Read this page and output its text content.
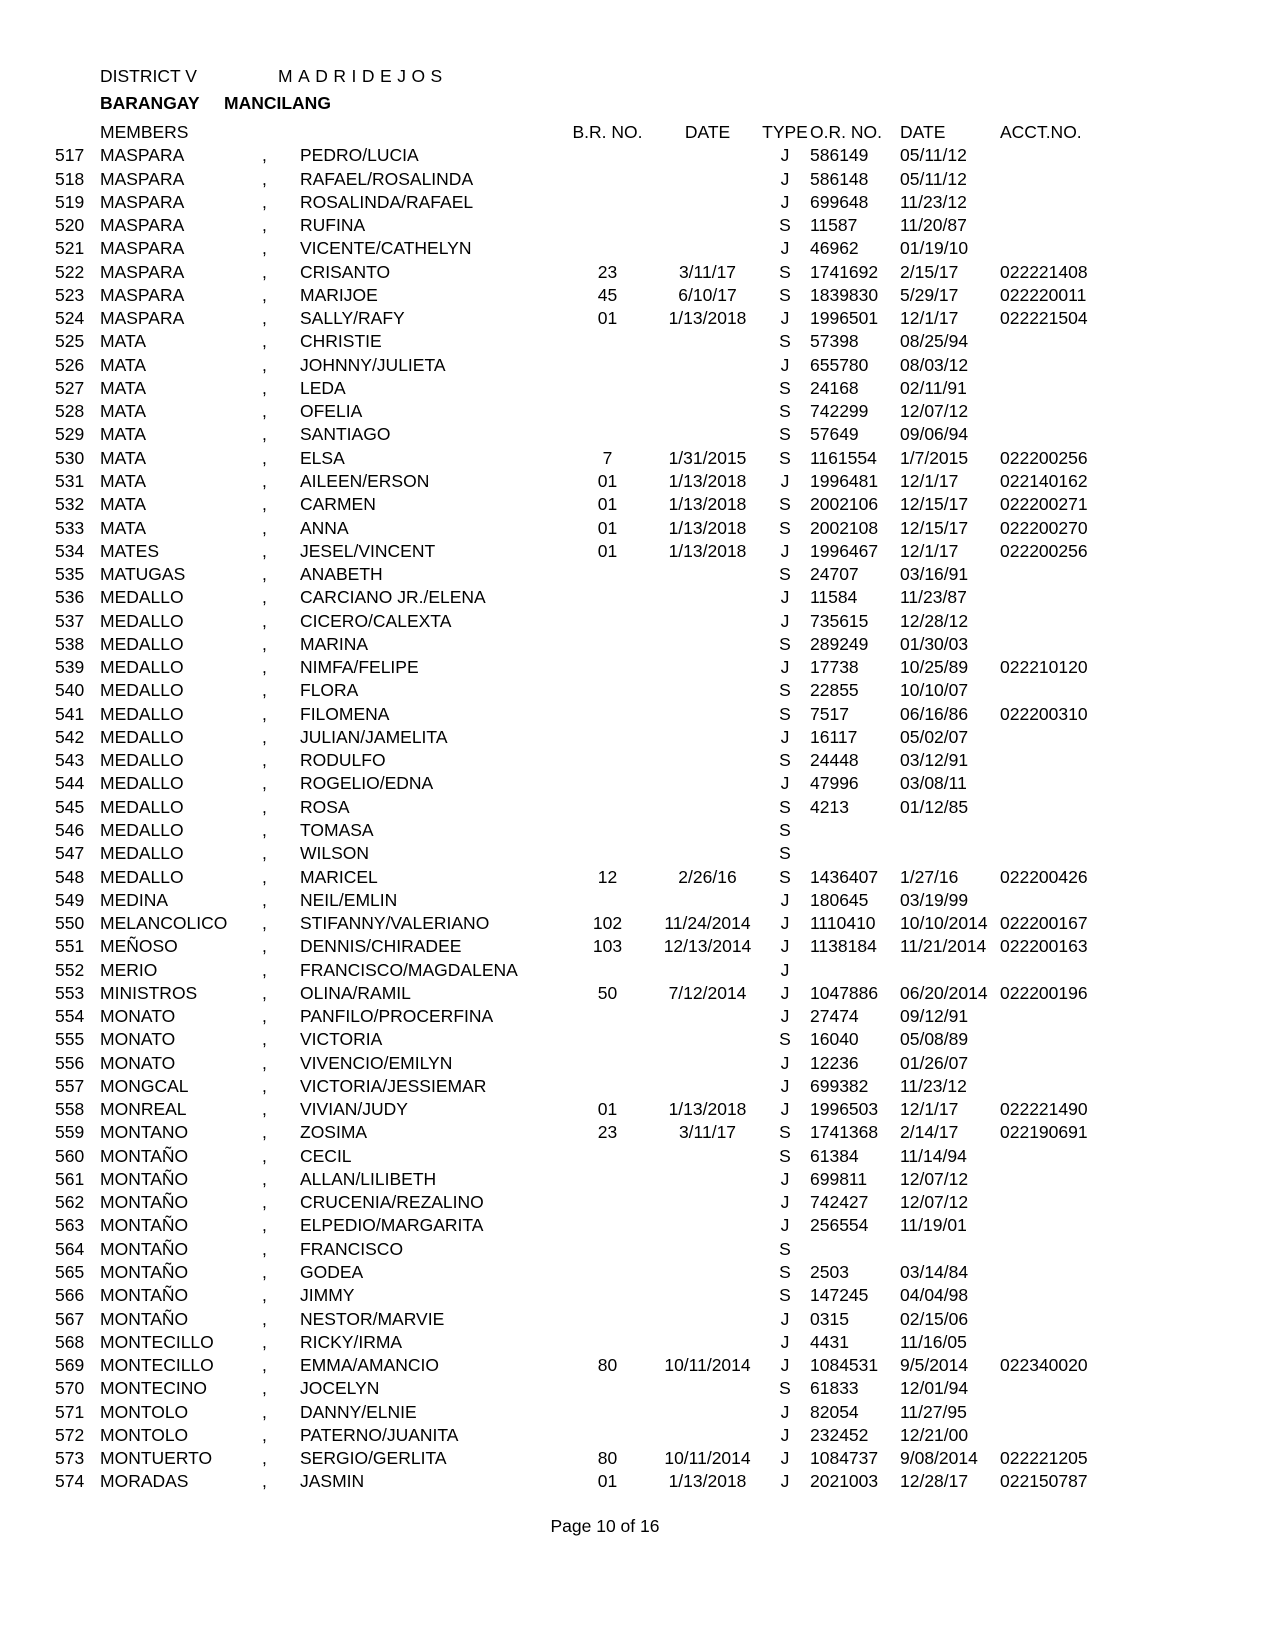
DISTRICT V	MADRIDEJOS
BARANGAY MANCILANG
MEMBERS	B.R. NO.	DATE	TYPE O.R. NO.	DATE	ACCT.NO.
517 MASPARA	,	PEDRO/LUCIA	J	586149	05/11/12
518 MASPARA	,	RAFAEL/ROSALINDA	J	586148	05/11/12
519 MASPARA	,	ROSALINDA/RAFAEL	J	699648	11/23/12
520 MASPARA	,	RUFINA	S	11587	11/20/87
521 MASPARA	,	VICENTE/CATHELYN	J	46962	01/19/10
522 MASPARA	,	CRISANTO	23	3/11/17	S	1741692	2/15/17	022221408
523 MASPARA	,	MARIJOE	45	6/10/17	S	1839830	5/29/17	022220011
524 MASPARA	,	SALLY/RAFY	01	1/13/2018	J	1996501	12/1/17	022221504
525 MATA	,	CHRISTIE	S	57398	08/25/94
526 MATA	,	JOHNNY/JULIETA	J	655780	08/03/12
527 MATA	,	LEDA	S	24168	02/11/91
528 MATA	,	OFELIA	S	742299	12/07/12
529 MATA	,	SANTIAGO	S	57649	09/06/94
530 MATA	,	ELSA	7	1/31/2015	S	1161554	1/7/2015	022200256
531 MATA	,	AILEEN/ERSON	01	1/13/2018	J	1996481	12/1/17	022140162
532 MATA	,	CARMEN	01	1/13/2018	S	2002106	12/15/17	022200271
533 MATA	,	ANNA	01	1/13/2018	S	2002108	12/15/17	022200270
534 MATES	,	JESEL/VINCENT	01	1/13/2018	J	1996467	12/1/17	022200256
535 MATUGAS	,	ANABETH	S	24707	03/16/91
536 MEDALLO	,	CARCIANO JR./ELENA	J	11584	11/23/87
537 MEDALLO	,	CICERO/CALEXTA	J	735615	12/28/12
538 MEDALLO	,	MARINA	S	289249	01/30/03
539 MEDALLO	,	NIMFA/FELIPE	J	17738	10/25/89	022210120
540 MEDALLO	,	FLORA	S	22855	10/10/07
541 MEDALLO	,	FILOMENA	S	7517	06/16/86	022200310
542 MEDALLO	,	JULIAN/JAMELITA	J	16117	05/02/07
543 MEDALLO	,	RODULFO	S	24448	03/12/91
544 MEDALLO	,	ROGELIO/EDNA	J	47996	03/08/11
545 MEDALLO	,	ROSA	S	4213	01/12/85
546 MEDALLO	,	TOMASA	S
547 MEDALLO	,	WILSON	S
548 MEDALLO	,	MARICEL	12	2/26/16	S	1436407	1/27/16	022200426
549 MEDINA	,	NEIL/EMLIN	J	180645	03/19/99
550 MELANCOLICO	,	STIFANNY/VALERIANO	102	11/24/2014	J	1110410	10/10/2014 022200167
551 MEÑOSO	,	DENNIS/CHIRADEE	103	12/13/2014	J	1138184	11/21/2014 022200163
552 MERIO	,	FRANCISCO/MAGDALENA	J
553 MINISTROS	,	OLINA/RAMIL	50	7/12/2014	J	1047886	06/20/2014 022200196
554 MONATO	,	PANFILO/PROCERFINA	J	27474	09/12/91
555 MONATO	,	VICTORIA	S	16040	05/08/89
556 MONATO	,	VIVENCIO/EMILYN	J	12236	01/26/07
557 MONGCAL	,	VICTORIA/JESSIEMAR	J	699382	11/23/12
558 MONREAL	,	VIVIAN/JUDY	01	1/13/2018	J	1996503	12/1/17	022221490
559 MONTANO	,	ZOSIMA	23	3/11/17	S	1741368	2/14/17	022190691
560 MONTAÑO	,	CECIL	S	61384	11/14/94
561 MONTAÑO	,	ALLAN/LILIBETH	J	699811	12/07/12
562 MONTAÑO	,	CRUCENIA/REZALINO	J	742427	12/07/12
563 MONTAÑO	,	ELPEDIO/MARGARITA	J	256554	11/19/01
564 MONTAÑO	,	FRANCISCO	S
565 MONTAÑO	,	GODEA	S	2503	03/14/84
566 MONTAÑO	,	JIMMY	S	147245	04/04/98
567 MONTAÑO	,	NESTOR/MARVIE	J	0315	02/15/06
568 MONTECILLO	,	RICKY/IRMA	J	4431	11/16/05
569 MONTECILLO	,	EMMA/AMANCIO	80	10/11/2014	J	1084531	9/5/2014	022340020
570 MONTECINO	,	JOCELYN	S	61833	12/01/94
571 MONTOLO	,	DANNY/ELNIE	J	82054	11/27/95
572 MONTOLO	,	PATERNO/JUANITA	J	232452	12/21/00
573 MONTUERTO	,	SERGIO/GERLITA	80	10/11/2014	J	1084737	9/08/2014	022221205
574 MORADAS	,	JASMIN	01	1/13/2018	J	2021003	12/28/17	022150787
Page 10 of 16
